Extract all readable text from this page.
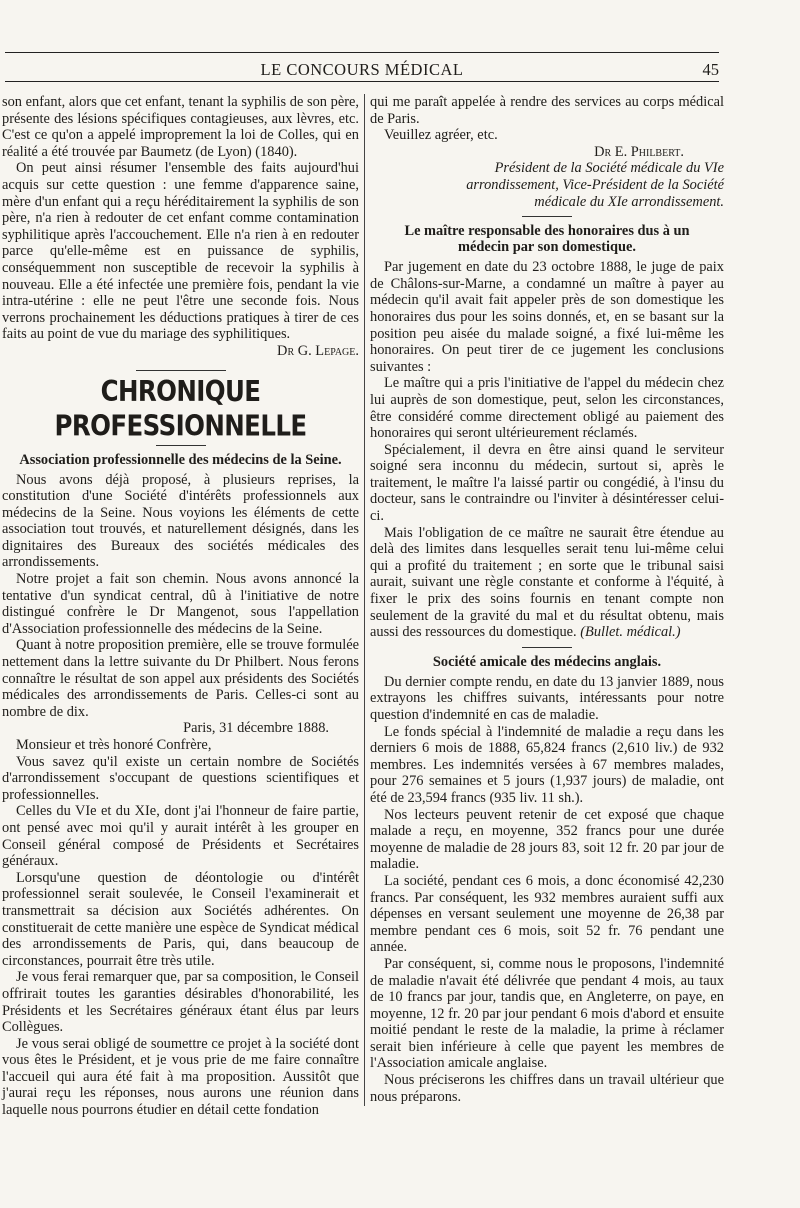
LE CONCOURS MÉDICAL	45

son enfant, alors que cet enfant, tenant la syphilis de son père, présente des lésions spécifiques contagieuses, aux lèvres, etc. C'est ce qu'on a appelé improprement la loi de Colles, qui en réalité a été trouvée par Baumetz (de Lyon) (1840).

On peut ainsi résumer l'ensemble des faits aujourd'hui acquis sur cette question : une femme d'apparence saine, mère d'un enfant qui a reçu héréditairement la syphilis de son père, n'a rien à redouter de cet enfant comme contamination syphilitique après l'accouchement. Elle n'a rien à en redouter parce qu'elle-même est en puissance de syphilis, conséquemment non susceptible de recevoir la syphilis à nouveau. Elle a été infectée une première fois, pendant la vie intra-utérine : elle ne peut l'être une seconde fois. Nous verrons prochainement les déductions pratiques à tirer de ces faits au point de vue du mariage des syphilitiques.

Dr G. Lepage.

CHRONIQUE PROFESSIONNELLE
Association professionnelle des médecins de la Seine.

Nous avons déjà proposé, à plusieurs reprises, la constitution d'une Société d'intérêts professionnels aux médecins de la Seine. Nous voyions les éléments de cette association tout trouvés, et naturellement désignés, dans les dignitaires des Bureaux des sociétés médicales des arrondissements.

Notre projet a fait son chemin. Nous avons annoncé la tentative d'un syndicat central, dû à l'initiative de notre distingué confrère le Dr Mangenot, sous l'appellation d'Association professionnelle des médecins de la Seine.

Quant à notre proposition première, elle se trouve formulée nettement dans la lettre suivante du Dr Philbert. Nous ferons connaître le résultat de son appel aux présidents des Sociétés médicales des arrondissements de Paris. Celles-ci sont au nombre de dix.

Paris, 31 décembre 1888.

Monsieur et très honoré Confrère,

Vous savez qu'il existe un certain nombre de Sociétés d'arrondissement s'occupant de questions scientifiques et professionnelles.

Celles du VIe et du XIe, dont j'ai l'honneur de faire partie, ont pensé avec moi qu'il y aurait intérêt à les grouper en Conseil général composé de Présidents et Secrétaires généraux.

Lorsqu'une question de déontologie ou d'intérêt professionnel serait soulevée, le Conseil l'examinerait et transmettrait sa décision aux Sociétés adhérentes. On constituerait de cette manière une espèce de Syndicat médical des arrondissements de Paris, qui, dans beaucoup de circonstances, pourrait être très utile.

Je vous ferai remarquer que, par sa composition, le Conseil offrirait toutes les garanties désirables d'honorabilité, les Présidents et les Secrétaires généraux étant élus par leurs Collègues.

Je vous serai obligé de soumettre ce projet à la société dont vous êtes le Président, et je vous prie de me faire connaître l'accueil qui aura été fait à ma proposition. Aussitôt que j'aurai reçu les réponses, nous aurons une réunion dans laquelle nous pourrons étudier en détail cette fondation

qui me paraît appelée à rendre des services au corps médical de Paris.

Veuillez agréer, etc.

Dr E. Philbert.

Président de la Société médicale du VIe arrondissement, Vice-Président de la Société médicale du XIe arrondissement.

Le maître responsable des honoraires dus à un médecin par son domestique.

Par jugement en date du 23 octobre 1888, le juge de paix de Châlons-sur-Marne, a condamné un maître à payer au médecin qu'il avait fait appeler près de son domestique les honoraires dus pour les soins donnés, et, en se basant sur la position peu aisée du malade soigné, a fixé lui-même les honoraires. On peut tirer de ce jugement les conclusions suivantes :

Le maître qui a pris l'initiative de l'appel du médecin chez lui auprès de son domestique, peut, selon les circonstances, être considéré comme directement obligé au paiement des honoraires qui seront ultérieurement réclamés.

Spécialement, il devra en être ainsi quand le serviteur soigné sera inconnu du médecin, surtout si, après le traitement, le maître l'a laissé partir ou congédié, à l'insu du docteur, sans le contraindre ou l'inviter à désintéresser celui-ci.

Mais l'obligation de ce maître ne saurait être étendue au delà des limites dans lesquelles serait tenu lui-même celui qui a profité du traitement ; en sorte que le tribunal saisi aurait, suivant une règle constante et conforme à l'équité, à fixer le prix des soins fournis en tenant compte non seulement de la gravité du mal et du résultat obtenu, mais aussi des ressources du domestique. (Bullet. médical.)

Société amicale des médecins anglais.

Du dernier compte rendu, en date du 13 janvier 1889, nous extrayons les chiffres suivants, intéressants pour notre question d'indemnité en cas de maladie.

Le fonds spécial à l'indemnité de maladie a reçu dans les derniers 6 mois de 1888, 65,824 francs (2,610 liv.) de 932 membres. Les indemnités versées à 67 membres malades, pour 276 semaines et 5 jours (1,937 jours) de maladie, ont été de 23,594 francs (935 liv. 11 sh.).

Nos lecteurs peuvent retenir de cet exposé que chaque malade a reçu, en moyenne, 352 francs pour une durée moyenne de maladie de 28 jours 83, soit 12 fr. 20 par jour de maladie.

La société, pendant ces 6 mois, a donc économisé 42,230 francs. Par conséquent, les 932 membres auraient suffi aux dépenses en versant seulement une moyenne de 26,38 par membre pendant ces 6 mois, soit 52 fr. 76 pendant une année.

Par conséquent, si, comme nous le proposons, l'indemnité de maladie n'avait été délivrée que pendant 4 mois, au taux de 10 francs par jour, tandis que, en Angleterre, on paye, en moyenne, 12 fr. 20 par jour pendant 6 mois d'abord et ensuite moitié pendant le reste de la maladie, la prime à réclamer serait bien inférieure à celle que payent les membres de l'Association amicale anglaise.

Nous préciserons les chiffres dans un travail ultérieur que nous préparons.
